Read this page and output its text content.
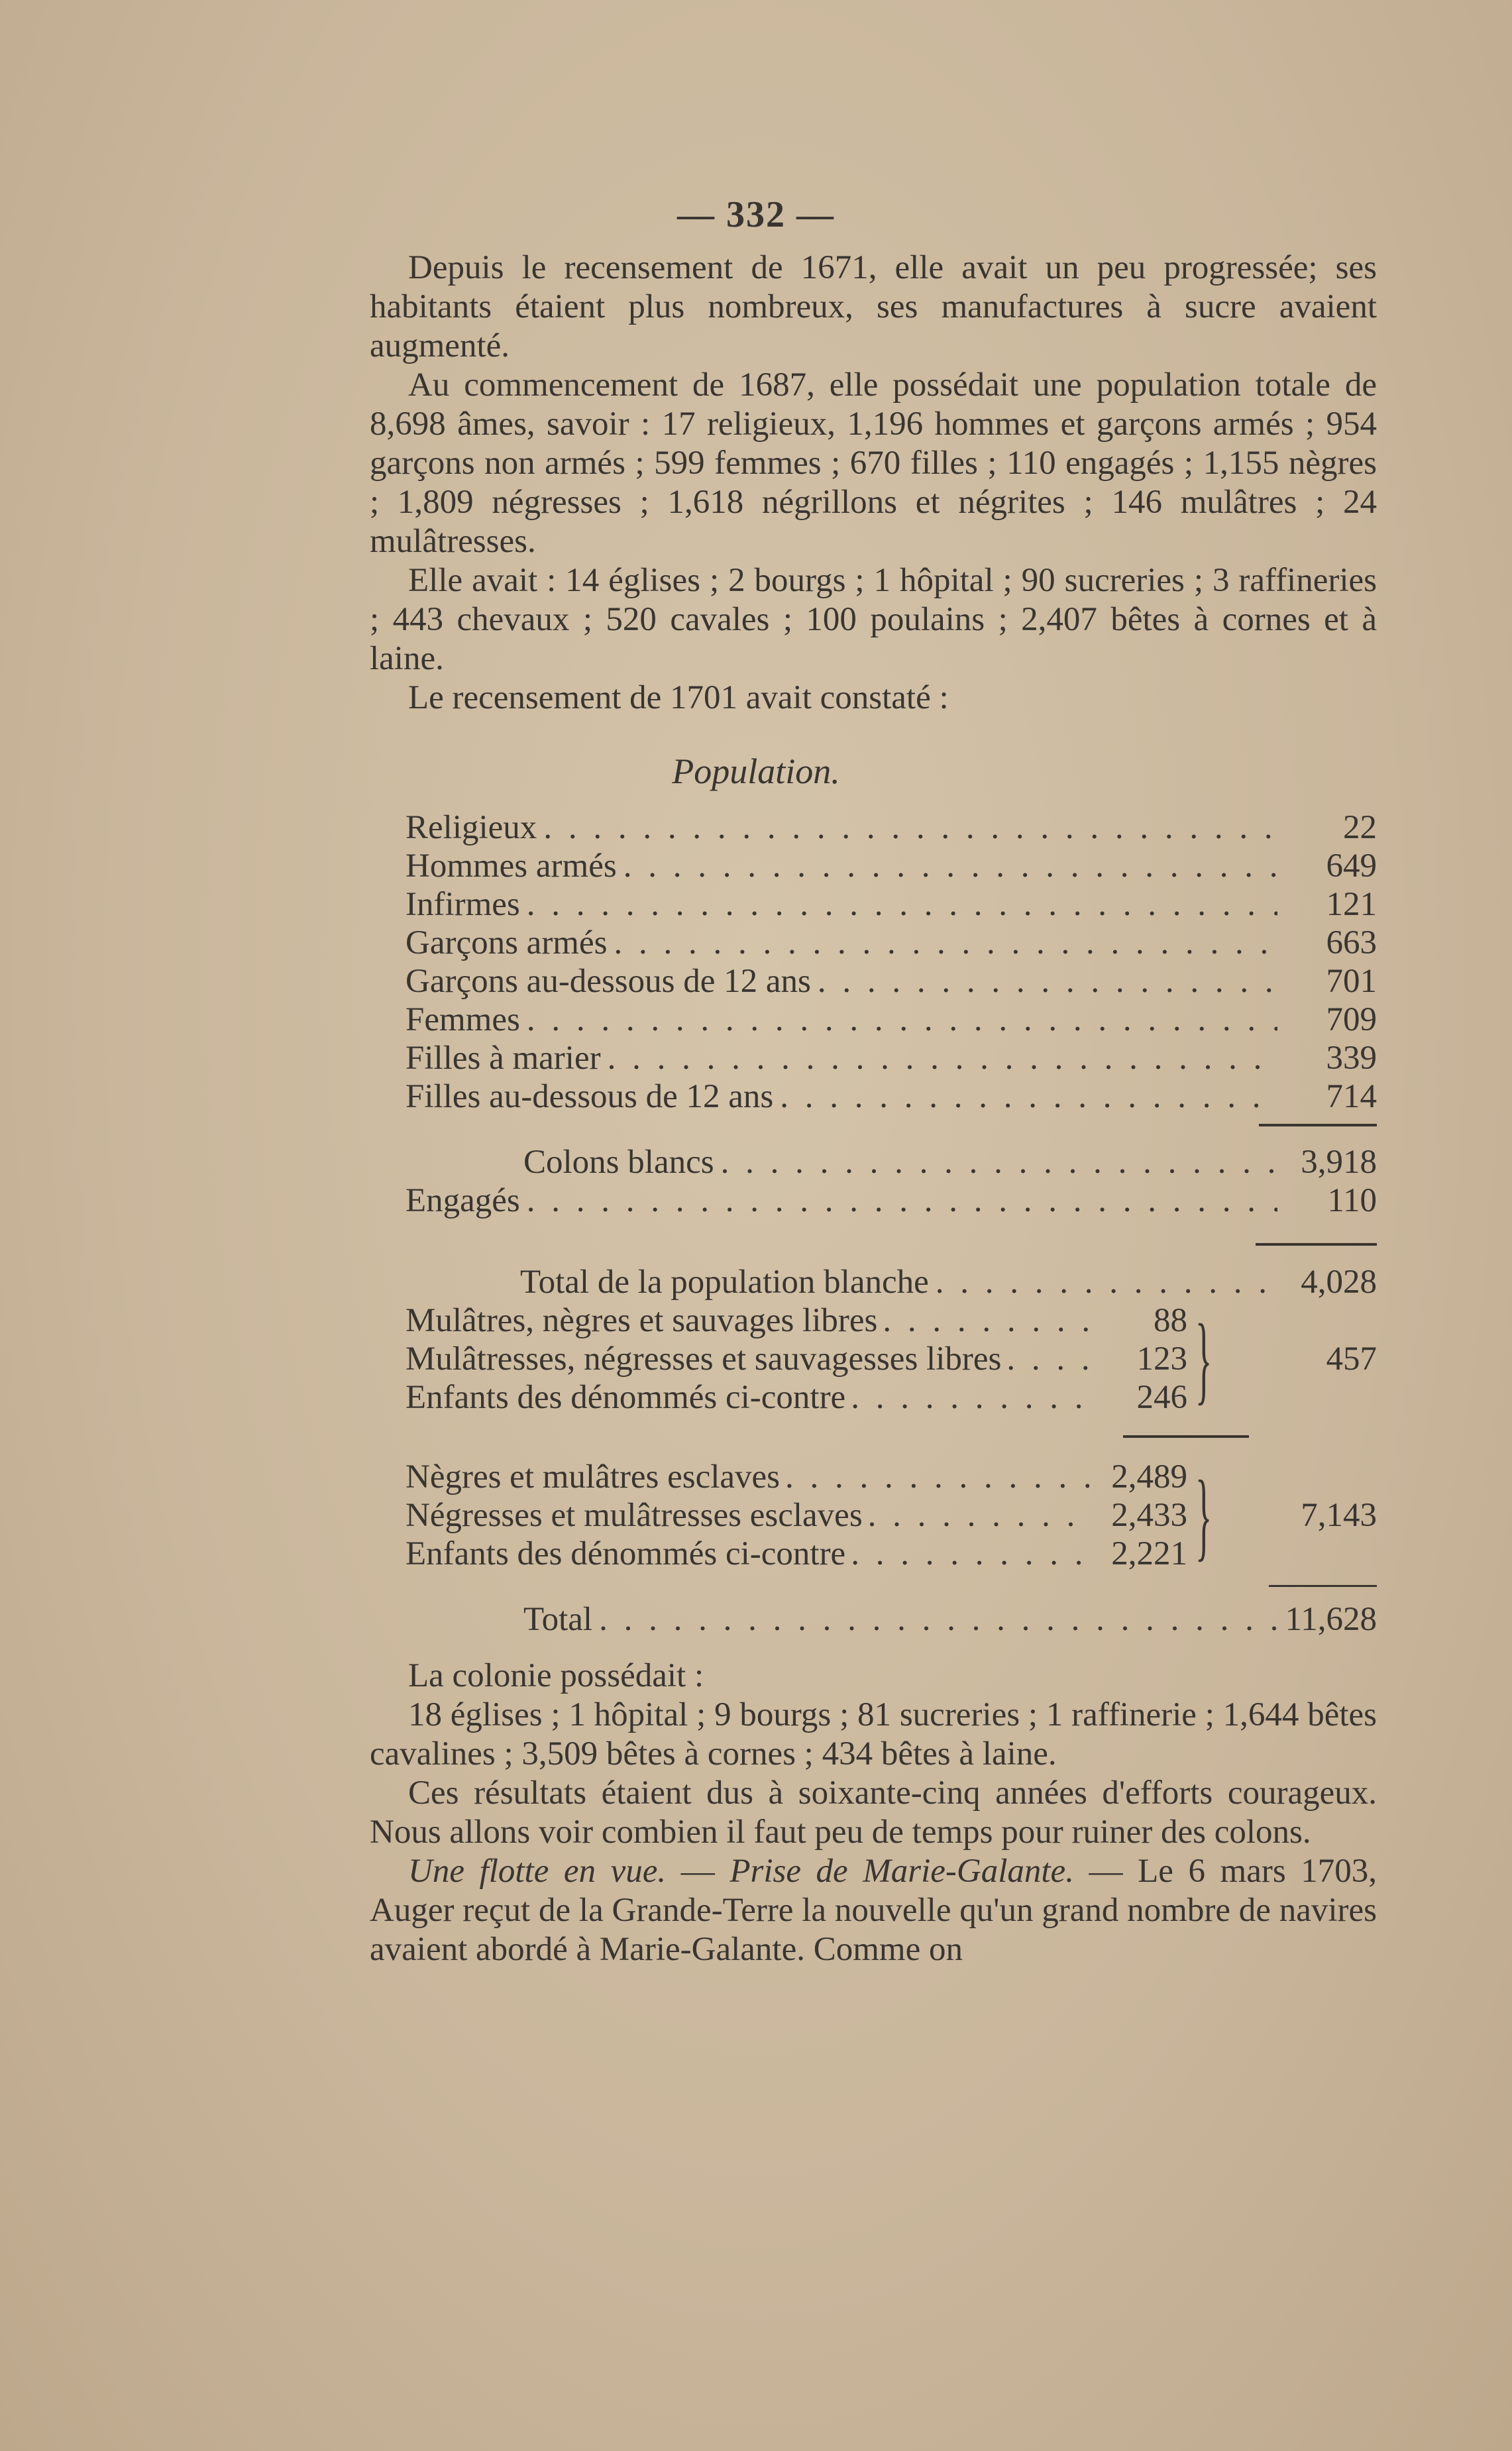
— 332 —

Depuis le recensement de 1671, elle avait un peu progressée; ses habitants étaient plus nombreux, ses manufactures à sucre avaient augmenté.

Au commencement de 1687, elle possédait une population totale de 8,698 âmes, savoir : 17 religieux, 1,196 hommes et garçons armés ; 954 garçons non armés ; 599 femmes ; 670 filles ; 110 engagés ; 1,155 nègres ; 1,809 négresses ; 1,618 négrillons et négrites ; 146 mulâtres ; 24 mulâtresses.

Elle avait : 14 églises ; 2 bourgs ; 1 hôpital ; 90 sucreries ; 3 raffineries ; 443 chevaux ; 520 cavales ; 100 poulains ; 2,407 bêtes à cornes et à laine.

Le recensement de 1701 avait constaté :

Population.
Religieux . . .	22
Hommes armés . . .	649
Infirmes . . .	121
Garçons armés . . .	663
Garçons au-dessous de 12 ans . . .	701
Femmes . . .	709
Filles à marier . . .	339
Filles au-dessous de 12 ans . . .	714
Colons blancs . . .	3,918
Engagés . . .	110
Total de la population blanche . . .	4,028
Mulâtres, nègres et sauvages libres . . .	88
Mulâtresses, négresses et sauvagesses libres . . .	123
Enfants des dénommés ci-contre . . .	246 }	457
Nègres et mulâtres esclaves . . .	2,489
Négresses et mulâtresses esclaves . . .	2,433
Enfants des dénommés ci-contre . . .	2,221 }	7,143
Total . . .	11,628

La colonie possédait :

18 églises ; 1 hôpital ; 9 bourgs ; 81 sucreries ; 1 raffinerie ; 1,644 bêtes cavalines ; 3,509 bêtes à cornes ; 434 bêtes à laine.

Ces résultats étaient dus à soixante-cinq années d'efforts courageux. Nous allons voir combien il faut peu de temps pour ruiner des colons.

Une flotte en vue. — Prise de Marie-Galante. — Le 6 mars 1703, Auger reçut de la Grande-Terre la nouvelle qu'un grand nombre de navires avaient abordé à Marie-Galante. Comme on
